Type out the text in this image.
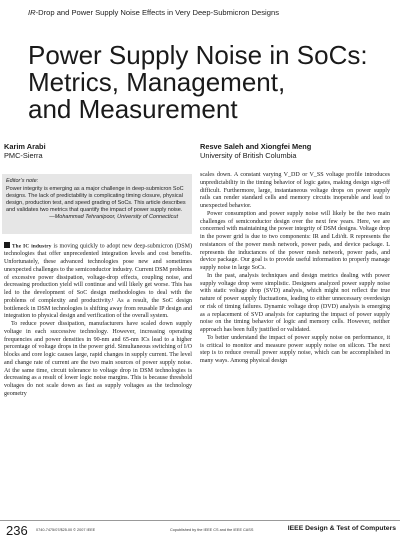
IR-Drop and Power Supply Noise Effects in Very Deep-Submicron Designs
Power Supply Noise in SoCs:
Metrics, Management,
and Measurement
Karim Arabi
PMC-Sierra
Resve Saleh and Xiongfei Meng
University of British Columbia
Editor’s note:
Power integrity is emerging as a major challenge in deep-submicron SoC designs. The lack of predictability is complicating timing closure, physical design, production test, and speed grading of SoCs. This article describes and validates two metrics that quantify the impact of power supply noise.
—Mohammad Tehranipoor, University of Connecticut

The IC industry is moving quickly to adopt new deep-submicron (DSM) technologies that offer unprecedented integration levels and cost benefits. Unfortunately, these advanced technologies pose new and sometimes unexpected challenges to the semiconductor industry. Current DSM problems of excessive power dissipation, voltage-drop effects, coupling noise, and decreasing production yield will continue and will likely get worse. This has led to the development of SoC design methodologies to deal with the problems of complexity and productivity.¹ As a result, the SoC design bottleneck in DSM technologies is shifting away from reusable IP design and integration to physical design and verification of the overall system.

To reduce power dissipation, manufacturers have scaled down supply voltage in each successive technology. However, increasing operating frequencies and power densities in 90-nm and 65-nm ICs lead to a higher percentage of voltage drops in the power grid. Simultaneous switching of I/O blocks and core logic causes large, rapid changes in supply current. The level and change rate of current are the two main sources of power supply noise. At the same time, circuit tolerance to voltage drop in DSM technologies is decreasing as a result of lower logic noise margins. This is because threshold voltages do not scale down as fast as supply voltages as the technology geometry

scales down. A constant varying V_DD or V_SS voltage profile introduces unpredictability in the timing behavior of logic gates, making design sign-off difficult. Furthermore, large, instantaneous voltage drops on power supply rails can render standard cells and memory circuits inoperable and lead to unexpected behavior.

Power consumption and power supply noise will likely be the two main challenges of semiconductor design over the next few years. Here, we are concerned with maintaining the power integrity of DSM designs. Voltage drop in the power grid is due to two components: IR and Ldi/dt. R represents the resistances of the power mesh network, power pads, and device package. L represents the inductances of the power mesh network, power pads, and device package. Our goal is to provide useful information to properly manage supply noise in large SoCs.

In the past, analysis techniques and design metrics dealing with power supply voltage drop were simplistic. Designers analyzed power supply noise with static voltage drop (SVD) analysis, which might not reflect the true nature of power supply fluctuations, leading to either unnecessary overdesign or risk of timing failures. Dynamic voltage drop (DVD) analysis is emerging as a replacement of SVD analysis for capturing the impact of power supply noise on the timing behavior of logic and memory cells. However, neither approach has been fully justified or validated.

To better understand the impact of power supply noise on performance, it is critical to monitor and measure power supply noise on silicon. The next step is to reduce overall power supply noise, which can be accomplished in many ways. Among physical design

236 0740-7475/07/$25.00 © 2007 IEEE	Copublished by the IEEE CS and the IEEE CASS	IEEE Design & Test of Computers
